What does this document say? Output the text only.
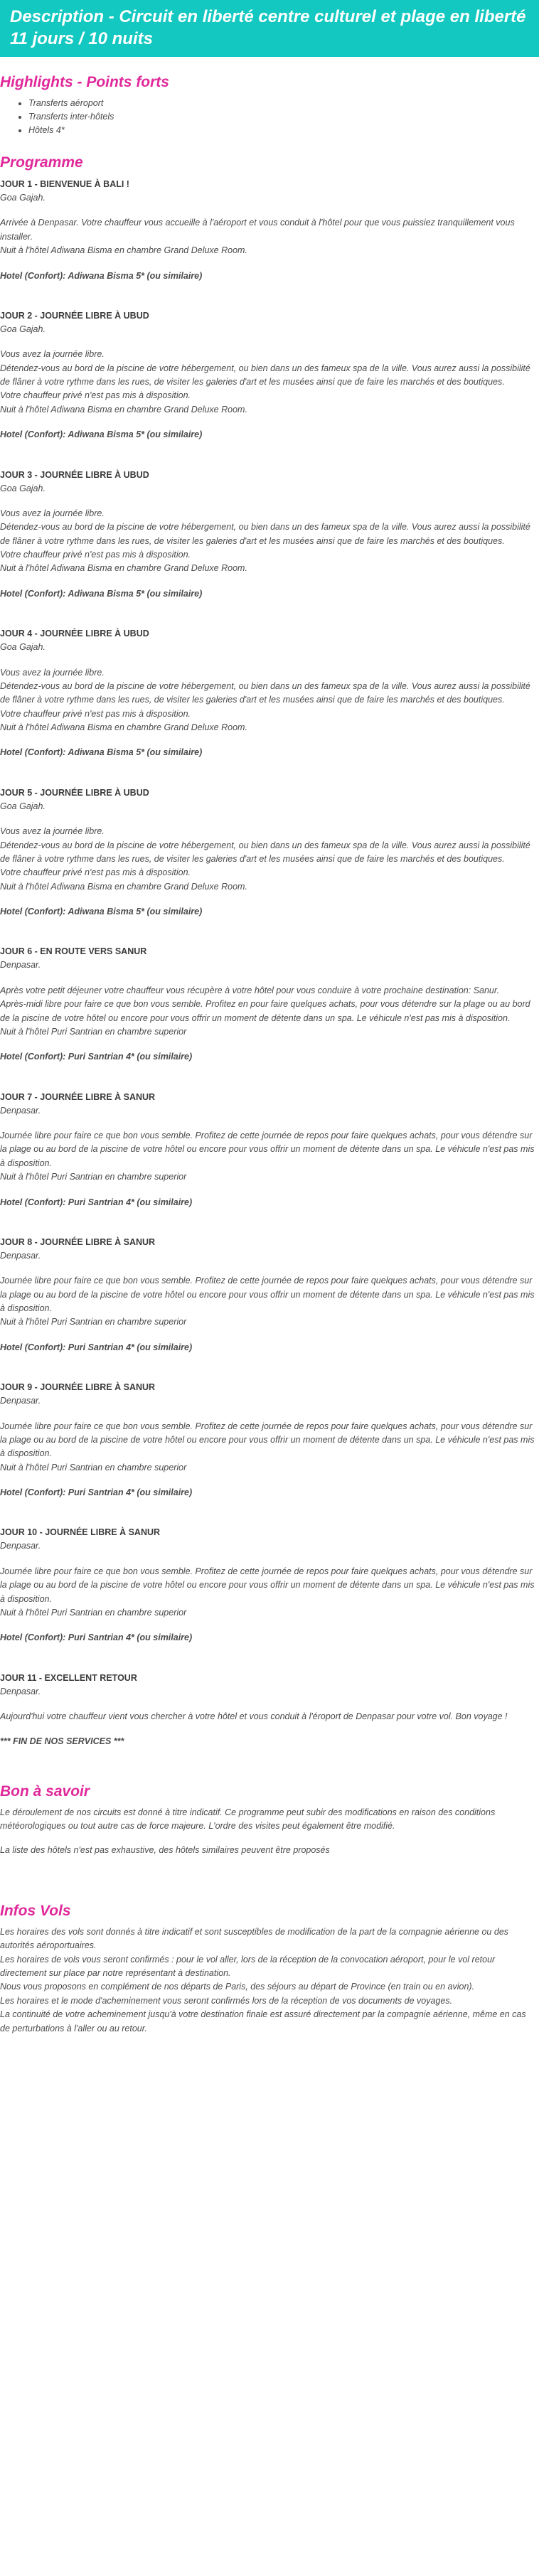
Description - Circuit en liberté centre culturel et plage en liberté 11 jours / 10 nuits
Highlights - Points forts
• Transferts aéroport
• Transferts inter-hôtels
• Hôtels 4*
Programme
JOUR 1 - BIENVENUE À BALI !
Goa Gajah.
Arrivée à Denpasar. Votre chauffeur vous accueille à l'aéroport et vous conduit à l'hôtel pour que vous puissiez tranquillement vous installer.
Nuit à l'hôtel Adiwana Bisma en chambre Grand Deluxe Room.
Hotel (Confort): Adiwana Bisma 5* (ou similaire)
JOUR 2 - JOURNÉE LIBRE À UBUD
Goa Gajah.
Vous avez la journée libre.
Détendez-vous au bord de la piscine de votre hébergement, ou bien dans un des fameux spa de la ville. Vous aurez aussi la possibilité de flâner à votre rythme dans les rues, de visiter les galeries d'art et les musées ainsi que de faire les marchés et des boutiques.
Votre chauffeur privé n'est pas mis à disposition.
Nuit à l'hôtel Adiwana Bisma en chambre Grand Deluxe Room.
Hotel (Confort): Adiwana Bisma 5* (ou similaire)
JOUR 3 - JOURNÉE LIBRE À UBUD
Goa Gajah.
Vous avez la journée libre.
Détendez-vous au bord de la piscine de votre hébergement, ou bien dans un des fameux spa de la ville. Vous aurez aussi la possibilité de flâner à votre rythme dans les rues, de visiter les galeries d'art et les musées ainsi que de faire les marchés et des boutiques.
Votre chauffeur privé n'est pas mis à disposition.
Nuit à l'hôtel Adiwana Bisma en chambre Grand Deluxe Room.
Hotel (Confort): Adiwana Bisma 5* (ou similaire)
JOUR 4 - JOURNÉE LIBRE À UBUD
Goa Gajah.
Vous avez la journée libre.
Détendez-vous au bord de la piscine de votre hébergement, ou bien dans un des fameux spa de la ville. Vous aurez aussi la possibilité de flâner à votre rythme dans les rues, de visiter les galeries d'art et les musées ainsi que de faire les marchés et des boutiques.
Votre chauffeur privé n'est pas mis à disposition.
Nuit à l'hôtel Adiwana Bisma en chambre Grand Deluxe Room.
Hotel (Confort): Adiwana Bisma 5* (ou similaire)
JOUR 5 - JOURNÉE LIBRE À UBUD
Goa Gajah.
Vous avez la journée libre.
Détendez-vous au bord de la piscine de votre hébergement, ou bien dans un des fameux spa de la ville. Vous aurez aussi la possibilité de flâner à votre rythme dans les rues, de visiter les galeries d'art et les musées ainsi que de faire les marchés et des boutiques.
Votre chauffeur privé n'est pas mis à disposition.
Nuit à l'hôtel Adiwana Bisma en chambre Grand Deluxe Room.
Hotel (Confort): Adiwana Bisma 5* (ou similaire)
JOUR 6 - EN ROUTE VERS SANUR
Denpasar.
Après votre petit déjeuner votre chauffeur vous récupère à votre hôtel pour vous conduire à votre prochaine destination: Sanur.
Après-midi libre pour faire ce que bon vous semble. Profitez en pour faire quelques achats, pour vous détendre sur la plage ou au bord de la piscine de votre hôtel ou encore pour vous offrir un moment de détente dans un spa. Le véhicule n'est pas mis à disposition.
Nuit à l'hôtel Puri Santrian en chambre superior
Hotel (Confort): Puri Santrian 4* (ou similaire)
JOUR 7 - JOURNÉE LIBRE À SANUR
Denpasar.
Journée libre pour faire ce que bon vous semble. Profitez de cette journée de repos pour faire quelques achats, pour vous détendre sur la plage ou au bord de la piscine de votre hôtel ou encore pour vous offrir un moment de détente dans un spa. Le véhicule n'est pas mis à disposition.
Nuit à l'hôtel Puri Santrian en chambre superior
Hotel (Confort): Puri Santrian 4* (ou similaire)
JOUR 8 - JOURNÉE LIBRE À SANUR
Denpasar.
Journée libre pour faire ce que bon vous semble. Profitez de cette journée de repos pour faire quelques achats, pour vous détendre sur la plage ou au bord de la piscine de votre hôtel ou encore pour vous offrir un moment de détente dans un spa. Le véhicule n'est pas mis à disposition.
Nuit à l'hôtel Puri Santrian en chambre superior
Hotel (Confort): Puri Santrian 4* (ou similaire)
JOUR 9 - JOURNÉE LIBRE À SANUR
Denpasar.
Journée libre pour faire ce que bon vous semble. Profitez de cette journée de repos pour faire quelques achats, pour vous détendre sur la plage ou au bord de la piscine de votre hôtel ou encore pour vous offrir un moment de détente dans un spa. Le véhicule n'est pas mis à disposition.
Nuit à l'hôtel Puri Santrian en chambre superior
Hotel (Confort): Puri Santrian 4* (ou similaire)
JOUR 10 - JOURNÉE LIBRE À SANUR
Denpasar.
Journée libre pour faire ce que bon vous semble. Profitez de cette journée de repos pour faire quelques achats, pour vous détendre sur la plage ou au bord de la piscine de votre hôtel ou encore pour vous offrir un moment de détente dans un spa. Le véhicule n'est pas mis à disposition.
Nuit à l'hôtel Puri Santrian en chambre superior
Hotel (Confort): Puri Santrian 4* (ou similaire)
JOUR 11 - EXCELLENT RETOUR
Denpasar.
Aujourd'hui votre chauffeur vient vous chercher à votre hôtel et vous conduit à l'éroport de Denpasar pour votre vol. Bon voyage !
*** FIN DE NOS SERVICES ***
Bon à savoir

Le déroulement de nos circuits est donné à titre indicatif. Ce programme peut subir des modifications en raison des conditions météorologiques ou tout autre cas de force majeure. L'ordre des visites peut également être modifié.

La liste des hôtels n'est pas exhaustive, des hôtels similaires peuvent être proposés

Infos Vols

Les horaires des vols sont donnés à titre indicatif et sont susceptibles de modification de la part de la compagnie aérienne ou des autorités aéroportuaires.
Les horaires de vols vous seront confirmés : pour le vol aller, lors de la réception de la convocation aéroport, pour le vol retour directement sur place par notre représentant à destination.
Nous vous proposons en complément de nos départs de Paris, des séjours au départ de Province (en train ou en avion).
Les horaires et le mode d'acheminement vous seront confirmés lors de la réception de vos documents de voyages.
La continuité de votre acheminement jusqu'à votre destination finale est assuré directement par la compagnie aérienne, même en cas de perturbations à l'aller ou au retour.
